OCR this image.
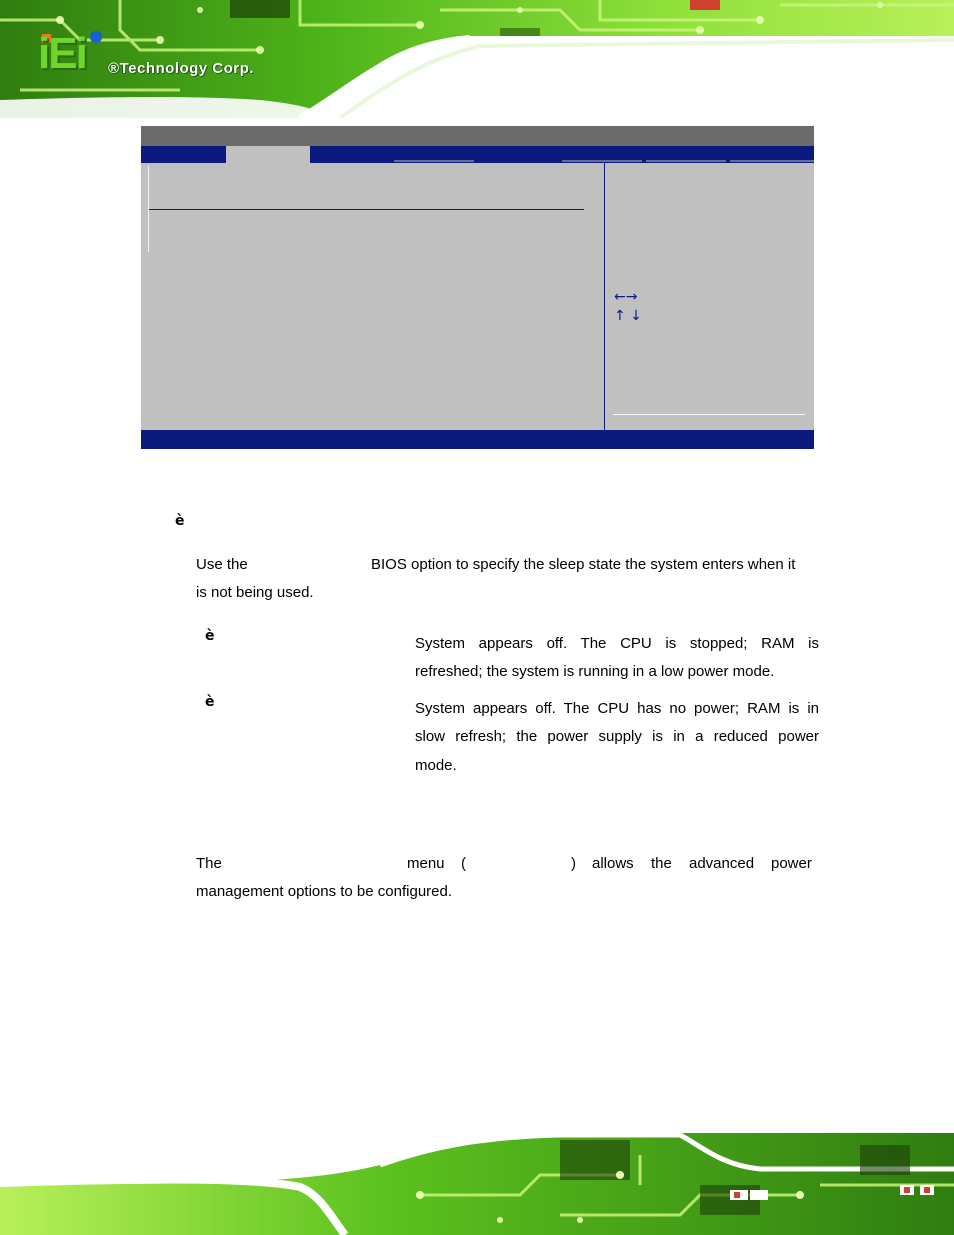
iEi ®Technology Corp.
←→
↑ ↓
è
Use the	BIOS option to specify the sleep state the system enters when it
is not being used.
è	System appears off. The CPU is stopped; RAM is
refreshed; the system is running in a low power mode.
è	System appears off. The CPU has no power; RAM is in
slow refresh; the power supply is in a reduced power
mode.
The	menu (	) allows the advanced power
management options to be configured.
